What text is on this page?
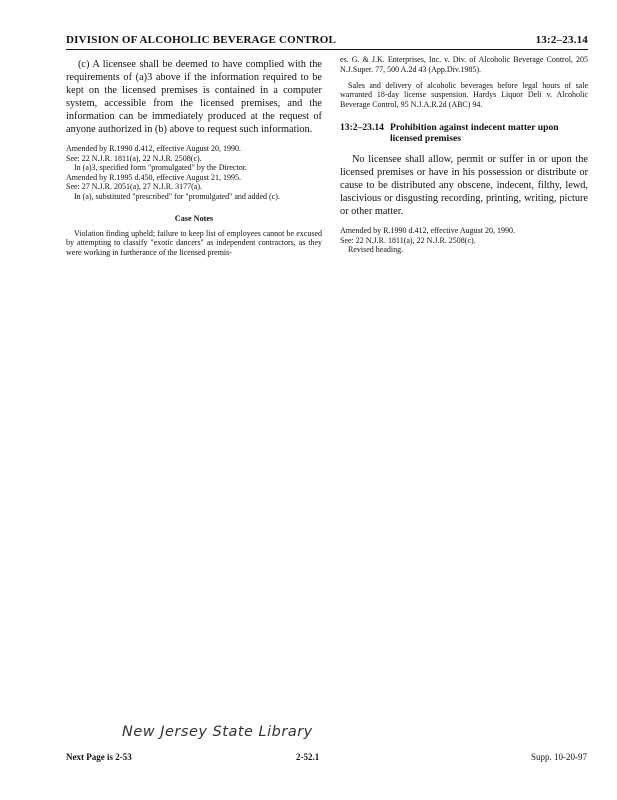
DIVISION OF ALCOHOLIC BEVERAGE CONTROL	13:2–23.14

(c) A licensee shall be deemed to have complied with the requirements of (a)3 above if the information required to be kept on the licensed premises is contained in a computer system, accessible from the licensed premises, and the information can be immediately produced at the request of anyone authorized in (b) above to request such information.

Amended by R.1990 d.412, effective August 20, 1990.
See: 22 N.J.R. 1811(a), 22 N.J.R. 2508(c).
In (a)3, specified form "promulgated" by the Director.
Amended by R.1995 d.450, effective August 21, 1995.
See: 27 N.J.R. 2051(a), 27 N.J.R. 3177(a).
In (a), substituted "prescribed" for "promulgated" and added (c).
Case Notes

Violation finding upheld; failure to keep list of employees cannot be excused by attempting to classify "exotic dancers" as independent contractors, as they were working in furtherance of the licensed premis-

es. G. & J.K. Enterprises, Inc. v. Div. of Alcoholic Beverage Control, 205 N.J.Super. 77, 500 A.2d 43 (App.Div.1985).

Sales and delivery of alcoholic beverages before legal hours of sale warranted 18-day license suspension. Hardys Liquor Deli v. Alcoholic Beverage Control, 95 N.J.A.R.2d (ABC) 94.

13:2–23.14 Prohibition against indecent matter upon licensed premises

No licensee shall allow, permit or suffer in or upon the licensed premises or have in his possession or distribute or cause to be distributed any obscene, indecent, filthy, lewd, lascivious or disgusting recording, printing, writing, picture or other matter.

Amended by R.1990 d.412, effective August 20, 1990.
See: 22 N.J.R. 1811(a), 22 N.J.R. 2508(c).
Revised heading.
New Jersey State Library
Next Page is 2-53	2-52.1	Supp. 10-20-97
